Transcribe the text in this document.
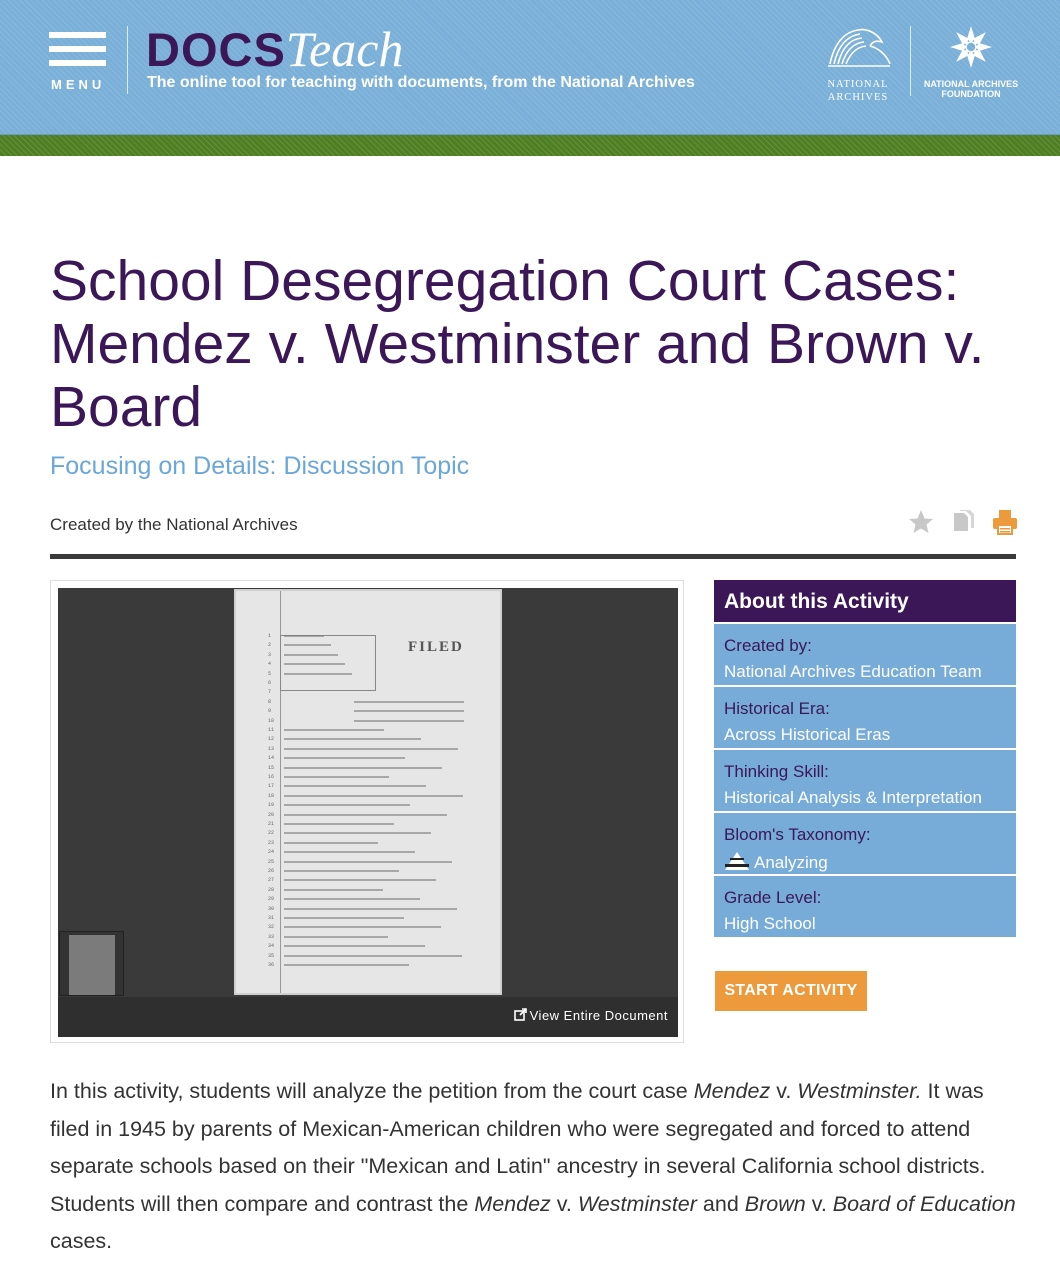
MENU
DOCSTeach
The online tool for teaching with documents, from the National Archives	NATIONAL
ARCHIVES
NATIONAL ARCHIVES
FOUNDATION
School Desegregation Court Cases: Mendez v. Westminster and Brown v. Board
Focusing on Details: Discussion Topic
Created by the National Archives
FILED
1
2
3
4
5
6
7
8
9
10
11
12
13
14
15
16
17
18
19
20
21
22
23
24
25
26
27
28
29
30
31
32
33
34
35
36
View Entire Document
About this Activity
Created by:
National Archives Education Team
Historical Era:
Across Historical Eras
Thinking Skill:
Historical Analysis & Interpretation
Bloom's Taxonomy:
Analyzing
Grade Level:
High School
START ACTIVITY

In this activity, students will analyze the petition from the court case Mendez v. Westminster. It was filed in 1945 by parents of Mexican-American children who were segregated and forced to attend separate schools based on their "Mexican and Latin" ancestry in several California school districts. Students will then compare and contrast the Mendez v. Westminster and Brown v. Board of Education cases.
